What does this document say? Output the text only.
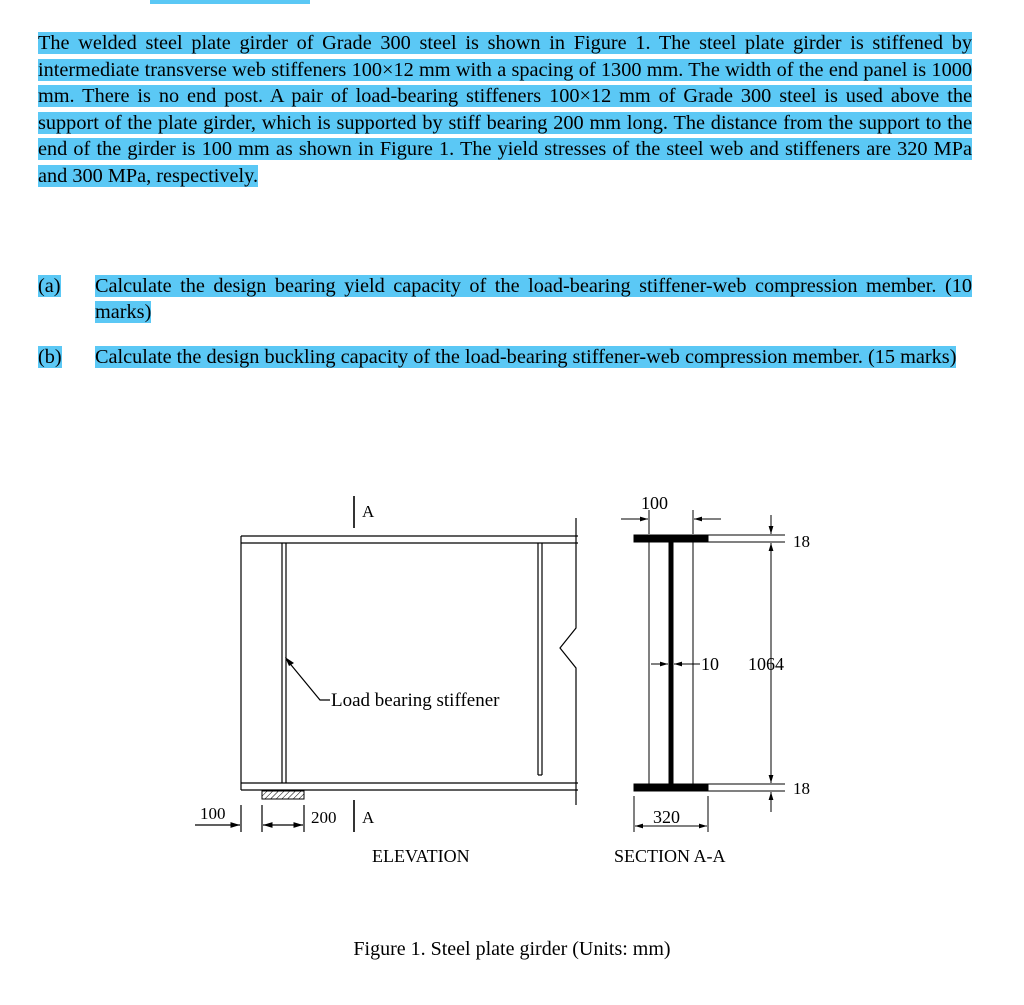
The welded steel plate girder of Grade 300 steel is shown in Figure 1. The steel plate girder is stiffened by intermediate transverse web stiffeners 100×12 mm with a spacing of 1300 mm. The width of the end panel is 1000 mm. There is no end post. A pair of load-bearing stiffeners 100×12 mm of Grade 300 steel is used above the support of the plate girder, which is supported by stiff bearing 200 mm long. The distance from the support to the end of the girder is 100 mm as shown in Figure 1. The yield stresses of the steel web and stiffeners are 320 MPa and 300 MPa, respectively.

(a)	Calculate the design bearing yield capacity of the load-bearing stiffener-web compression member. (10 marks)
(b)	Calculate the design buckling capacity of the load-bearing stiffener-web compression member. (15 marks)
A
A
Load bearing stiffener
100	200
ELEVATION
100
18
10 1064
18
320
SECTION A-A
Figure 1. Steel plate girder (Units: mm)
